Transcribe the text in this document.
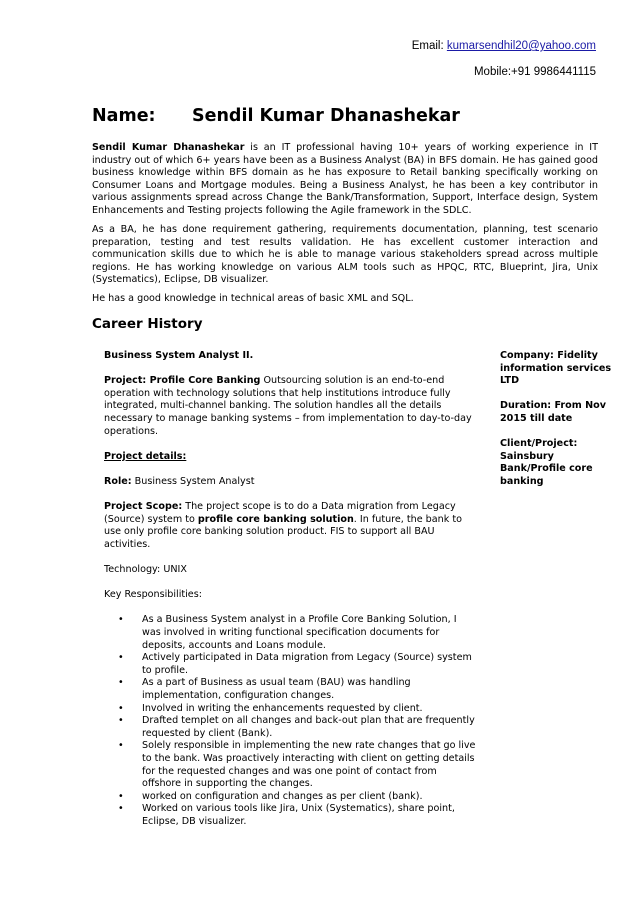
Email: kumarsendhil20@yahoo.com
Mobile:+91 9986441115
Name: Sendil Kumar Dhanashekar
Sendil Kumar Dhanashekar is an IT professional having 10+ years of working experience in IT industry out of which 6+ years have been as a Business Analyst (BA) in BFS domain. He has gained good business knowledge within BFS domain as he has exposure to Retail banking specifically working on Consumer Loans and Mortgage modules. Being a Business Analyst, he has been a key contributor in various assignments spread across Change the Bank/Transformation, Support, Interface design, System Enhancements and Testing projects following the Agile framework in the SDLC.
As a BA, he has done requirement gathering, requirements documentation, planning, test scenario preparation, testing and test results validation. He has excellent customer interaction and communication skills due to which he is able to manage various stakeholders spread across multiple regions. He has working knowledge on various ALM tools such as HPQC, RTC, Blueprint, Jira, Unix (Systematics), Eclipse, DB visualizer.
He has a good knowledge in technical areas of basic XML and SQL.
Career History

Business System Analyst II.

Project: Profile Core Banking Outsourcing solution is an end-to-end operation with technology solutions that help institutions introduce fully integrated, multi-channel banking. The solution handles all the details necessary to manage banking systems – from implementation to day-to-day operations.

Project details:

Role: Business System Analyst

Project Scope: The project scope is to do a Data migration from Legacy (Source) system to profile core banking solution. In future, the bank to use only profile core banking solution product. FIS to support all BAU activities.

Technology: UNIX

Key Responsibilities:

• As a Business System analyst in a Profile Core Banking Solution, I was involved in writing functional specification documents for deposits, accounts and Loans module.
• Actively participated in Data migration from Legacy (Source) system to profile.
• As a part of Business as usual team (BAU) was handling implementation, configuration changes.
• Involved in writing the enhancements requested by client.
• Drafted templet on all changes and back-out plan that are frequently requested by client (Bank).
• Solely responsible in implementing the new rate changes that go live to the bank. Was proactively interacting with client on getting details for the requested changes and was one point of contact from offshore in supporting the changes.
• worked on configuration and changes as per client (bank).
• Worked on various tools like Jira, Unix (Systematics), share point, Eclipse, DB visualizer.

Company: Fidelity information services LTD

Duration: From Nov 2015 till date

Client/Project: Sainsbury Bank/Profile core banking
